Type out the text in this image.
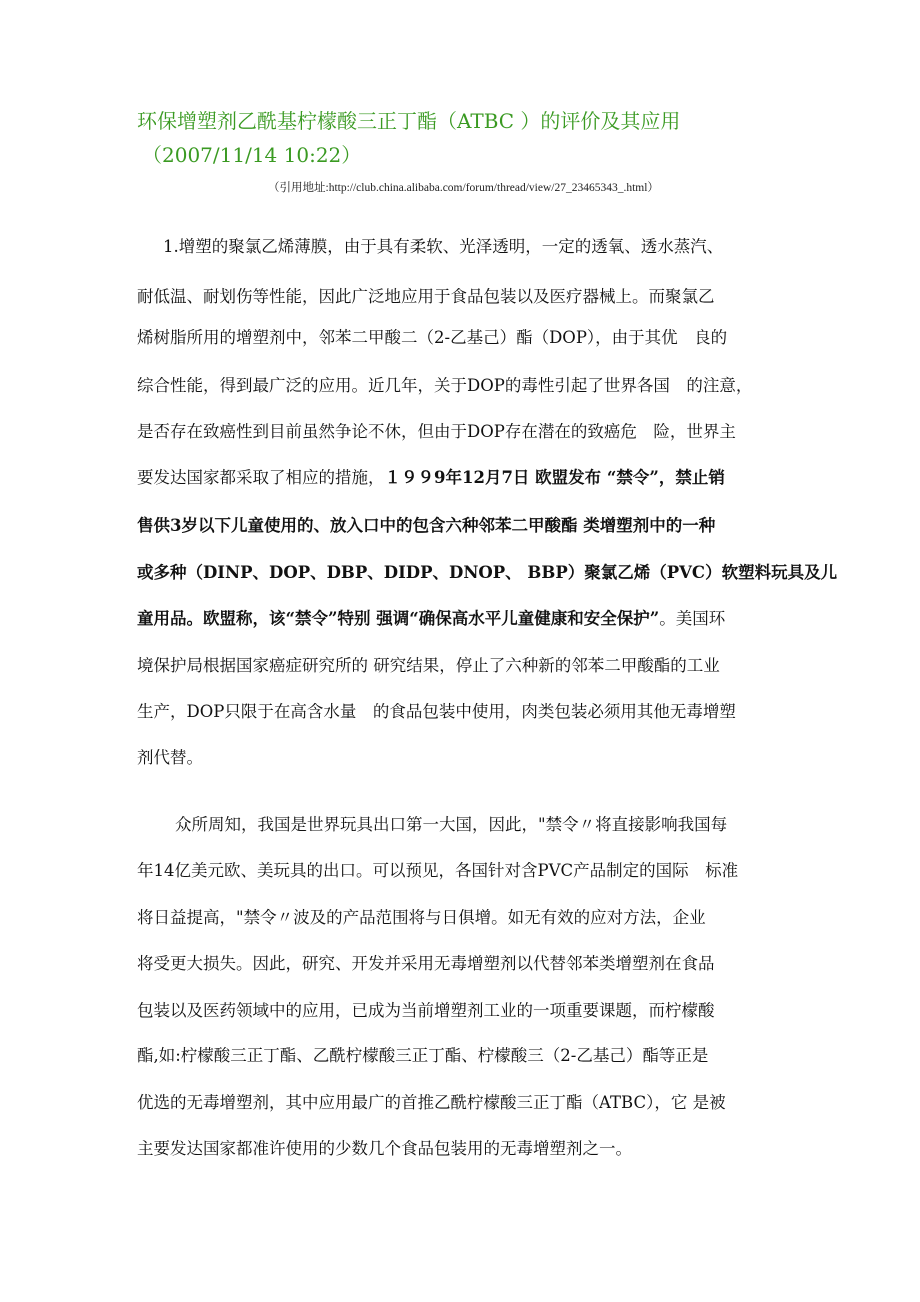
环保增塑剂乙酰基柠檬酸三正丁酯（ATBC ）的评价及其应用
（2007/11/14 10:22）
（引用地址:http://club.china.alibaba.com/forum/thread/view/27_23465343_.html）
1.增塑的聚氯乙烯薄膜，由于具有柔软、光泽透明，一定的透氧、透水蒸汽、
耐低温、耐划伤等性能，因此广泛地应用于食品包装以及医疗器械上。而聚氯乙
烯树脂所用的增塑剂中，邻苯二甲酸二（2-乙基己）酯（DOP），由于其优　良的
综合性能，得到最广泛的应用。近几年，关于DOP的毒性引起了世界各国　的注意，
是否存在致癌性到目前虽然争论不休，但由于DOP存在潜在的致癌危　险，世界主
要发达国家都采取了相应的措施，１９９9年12月7日 欧盟发布 “禁令”，禁止销
售供3岁以下儿童使用的、放入口中的包含六种邻苯二甲酸酯 类增塑剂中的一种
或多种（DINP、DOP、DBP、DIDP、DNOP、 BBP）聚氯乙烯（PVC）软塑料玩具及儿
童用品。欧盟称，该“禁令”特别 强调“确保高水平儿童健康和安全保护”。美国环
境保护局根据国家癌症研究所的 研究结果，停止了六种新的邻苯二甲酸酯的工业
生产，DOP只限于在高含水量　的食品包装中使用，肉类包装必须用其他无毒增塑
剂代替。
众所周知，我国是世界玩具出口第一大国，因此，"禁令〃将直接影响我国每
年14亿美元欧、美玩具的出口。可以预见，各国针对含PVC产品制定的国际　标准
将日益提高，"禁令〃波及的产品范围将与日俱增。如无有效的应对方法，企业
将受更大损失。因此，研究、开发并采用无毒增塑剂以代替邻苯类增塑剂在食品
包装以及医药领域中的应用，已成为当前增塑剂工业的一项重要课题，而柠檬酸
酯,如:柠檬酸三正丁酯、乙酰柠檬酸三正丁酯、柠檬酸三（2-乙基己）酯等正是
优选的无毒增塑剂，其中应用最广的首推乙酰柠檬酸三正丁酯（ATBC），它 是被
主要发达国家都准许使用的少数几个食品包装用的无毒增塑剂之一。
